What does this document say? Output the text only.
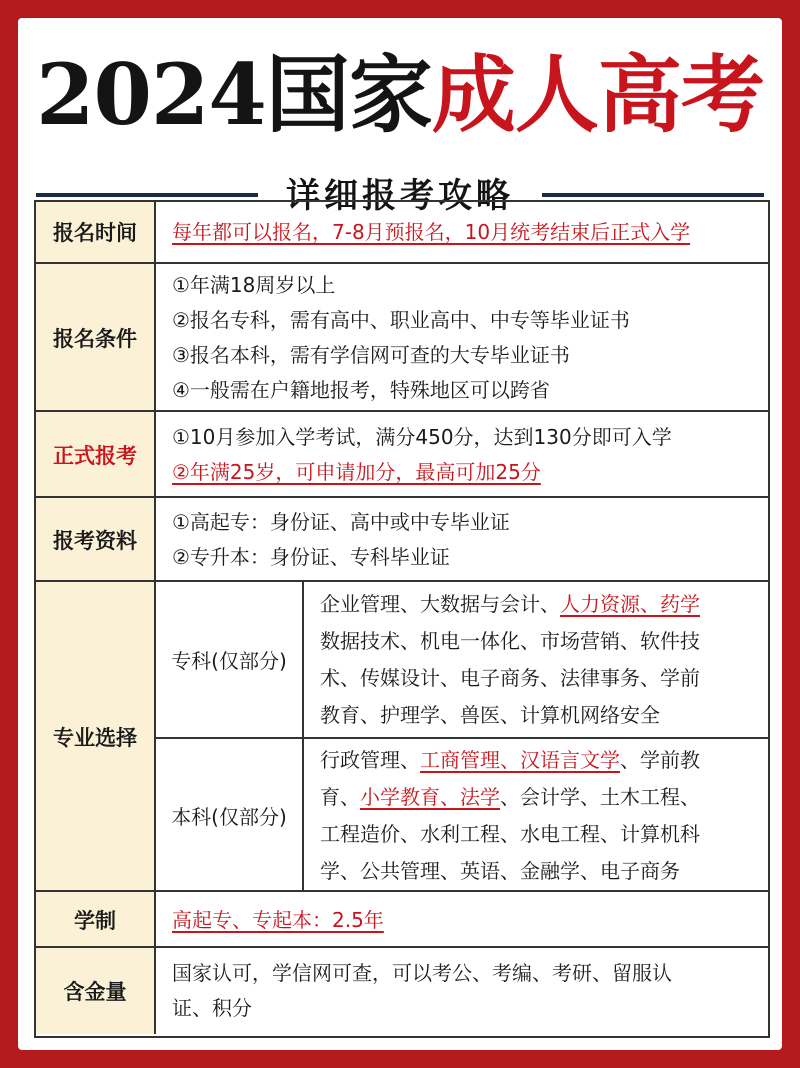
2024国家成人高考
详细报考攻略
报名时间	每年都可以报名，7-8月预报名，10月统考结束后正式入学
报名条件
①年满18周岁以上
②报名专科，需有高中、职业高中、中专等毕业证书
③报名本科，需有学信网可查的大专毕业证书
④一般需在户籍地报考，特殊地区可以跨省
正式报考
①10月参加入学考试，满分450分，达到130分即可入学
②年满25岁，可申请加分，最高可加25分
报考资料
①高起专：身份证、高中或中专毕业证
②专升本：身份证、专科毕业证
专业选择
专科(仅部分)
企业管理、大数据与会计、人力资源、药学
数据技术、机电一体化、市场营销、软件技
术、传媒设计、电子商务、法律事务、学前
教育、护理学、兽医、计算机网络安全
本科(仅部分)
行政管理、工商管理、汉语言文学、学前教
育、小学教育、法学、会计学、土木工程、
工程造价、水利工程、水电工程、计算机科
学、公共管理、英语、金融学、电子商务
学制	高起专、专起本：2.5年
含金量
国家认可，学信网可查，可以考公、考编、考研、留服认
证、积分
